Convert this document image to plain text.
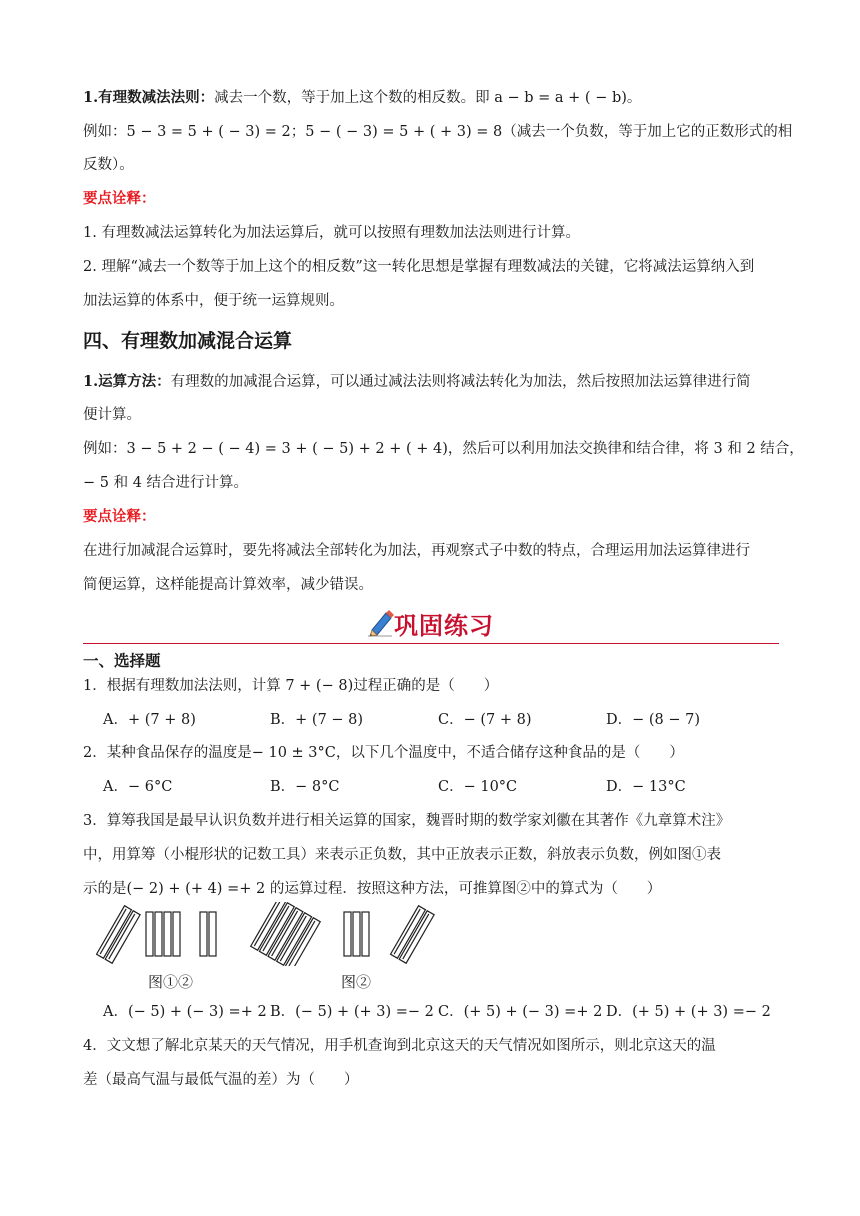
1.有理数减法法则：减去一个数，等于加上这个数的相反数。即 a − b = a + ( − b)。
例如：5 − 3 = 5 + ( − 3) = 2；5 − ( − 3) = 5 + ( + 3) = 8（减去一个负数，等于加上它的正数形式的相
反数）。
要点诠释：
1. 有理数减法运算转化为加法运算后，就可以按照有理数加法法则进行计算。
2. 理解“减去一个数等于加上这个的相反数”这一转化思想是掌握有理数减法的关键，它将减法运算纳入到
加法运算的体系中，便于统一运算规则。
四、有理数加减混合运算
1.运算方法：有理数的加减混合运算，可以通过减法法则将减法转化为加法，然后按照加法运算律进行简
便计算。
例如：3 − 5 + 2 − ( − 4) = 3 + ( − 5) + 2 + ( + 4)，然后可以利用加法交换律和结合律，将 3 和 2 结合，
− 5 和 4 结合进行计算。
要点诠释：
在进行加减混合运算时，要先将减法全部转化为加法，再观察式子中数的特点，合理运用加法运算律进行
简便运算，这样能提高计算效率，减少错误。
巩固练习
一、选择题
1．根据有理数加法法则，计算 7 + (− 8)过程正确的是（　　）
A．+ (7 + 8)	B．+ (7 − 8)	C．− (7 + 8)	D．− (8 − 7)
2．某种食品保存的温度是− 10 ± 3°C，以下几个温度中，不适合储存这种食品的是（　　）
A．− 6°C	B．− 8°C	C．− 10°C	D．− 13°C
3．算筹我国是最早认识负数并进行相关运算的国家，魏晋时期的数学家刘徽在其著作《九章算术注》
中，用算筹（小棍形状的记数工具）来表示正负数，其中正放表示正数，斜放表示负数，例如图①表
示的是(− 2) + (+ 4) =+ 2 的运算过程．按照这种方法，可推算图②中的算式为（　　）
图①②	图②
A．(− 5) + (− 3) =+ 2 B．(− 5) + (+ 3) =− 2 C．(+ 5) + (− 3) =+ 2 D．(+ 5) + (+ 3) =− 2
4．文文想了解北京某天的天气情况，用手机查询到北京这天的天气情况如图所示，则北京这天的温
差（最高气温与最低气温的差）为（　　）
